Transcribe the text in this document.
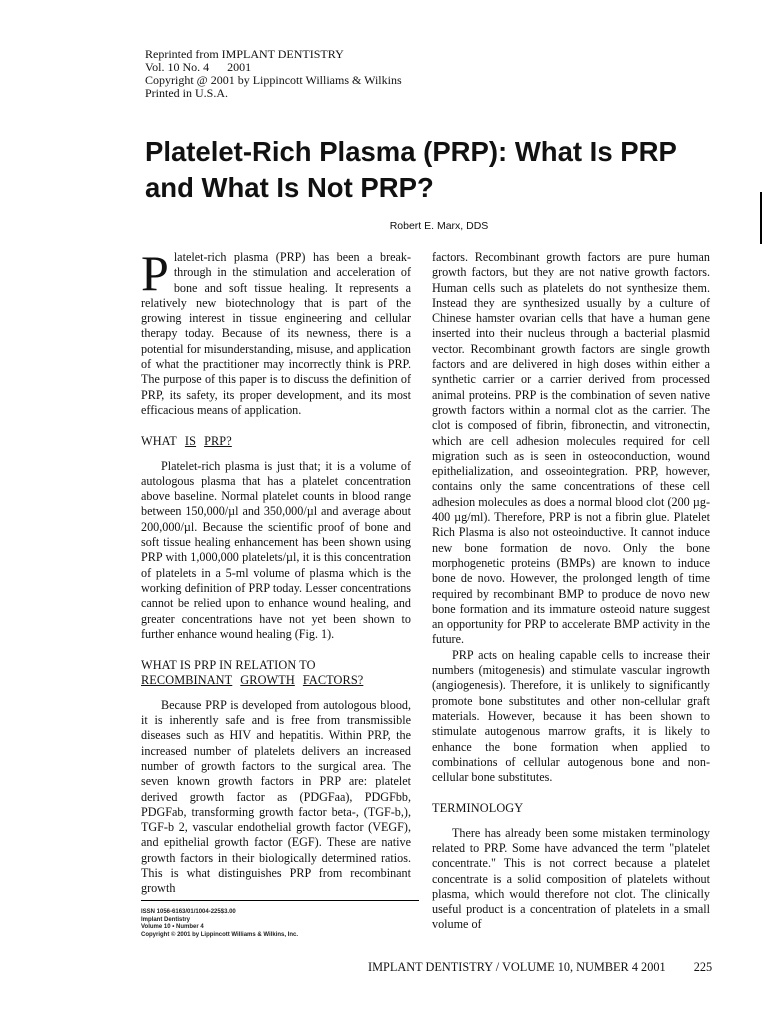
Reprinted from IMPLANT DENTISTRY
Vol. 10 No. 4 2001
Copyright @ 2001 by Lippincott Williams & Wilkins
Printed in U.S.A.
Platelet-Rich Plasma (PRP): What Is PRP and What Is Not PRP?
Robert E. Marx, DDS

Platelet-rich plasma (PRP) has been a break-through in the stimulation and acceleration of bone and soft tissue healing. It represents a relatively new biotechnology that is part of the growing interest in tissue engineering and cellular therapy today. Because of its newness, there is a potential for misunderstanding, misuse, and application of what the practitioner may incorrectly think is PRP. The purpose of this paper is to discuss the definition of PRP, its safety, its proper development, and its most efficacious means of application.

WHAT IS PRP?

Platelet-rich plasma is just that; it is a volume of autologous plasma that has a platelet concentration above baseline. Normal platelet counts in blood range between 150,000/µl and 350,000/µl and average about 200,000/µl. Because the scientific proof of bone and soft tissue healing enhancement has been shown using PRP with 1,000,000 platelets/µl, it is this concentration of platelets in a 5-ml volume of plasma which is the working definition of PRP today. Lesser concentrations cannot be relied upon to enhance wound healing, and greater concentrations have not yet been shown to further enhance wound healing (Fig. 1).

WHAT IS PRP IN RELATION TO
RECOMBINANT GROWTH FACTORS?

Because PRP is developed from autologous blood, it is inherently safe and is free from transmissible diseases such as HIV and hepatitis. Within PRP, the increased number of platelets delivers an increased number of growth factors to the surgical area. The seven known growth factors in PRP are: platelet derived growth factor as (PDGFaa), PDGFbb, PDGFab, transforming growth factor beta-, (TGF-b,), TGF-b 2, vascular endothelial growth factor (VEGF), and epithelial growth factor (EGF). These are native growth factors in their biologically determined ratios. This is what distinguishes PRP from recombinant growth

factors. Recombinant growth factors are pure human growth factors, but they are not native growth factors. Human cells such as platelets do not synthesize them. Instead they are synthesized usually by a culture of Chinese hamster ovarian cells that have a human gene inserted into their nucleus through a bacterial plasmid vector. Recombinant growth factors are single growth factors and are delivered in high doses within either a synthetic carrier or a carrier derived from processed animal proteins. PRP is the combination of seven native growth factors within a normal clot as the carrier. The clot is composed of fibrin, fibronectin, and vitronectin, which are cell adhesion molecules required for cell migration such as is seen in osteoconduction, wound epithelialization, and osseointegration. PRP, however, contains only the same concentrations of these cell adhesion molecules as does a normal blood clot (200 µg-400 µg/ml). Therefore, PRP is not a fibrin glue. Platelet Rich Plasma is also not osteoinductive. It cannot induce new bone formation de novo. Only the bone morphogenetic proteins (BMPs) are known to induce bone de novo. However, the prolonged length of time required by recombinant BMP to produce de novo new bone formation and its immature osteoid nature suggest an opportunity for PRP to accelerate BMP activity in the future.

PRP acts on healing capable cells to increase their numbers (mitogenesis) and stimulate vascular ingrowth (angiogenesis). Therefore, it is unlikely to significantly promote bone substitutes and other non-cellular graft materials. However, because it has been shown to stimulate autogenous marrow grafts, it is likely to enhance the bone formation when applied to combinations of cellular autogenous bone and non-cellular bone substitutes.

TERMINOLOGY

There has already been some mistaken terminology related to PRP. Some have advanced the term "platelet concentrate." This is not correct because a platelet concentrate is a solid composition of platelets without plasma, which would therefore not clot. The clinically useful product is a concentration of platelets in a small volume of

ISSN 1056-6163/01/1004-225$3.00
Implant Dentistry
Volume 10 • Number 4
Copyright © 2001 by Lippincott Williams & Wilkins, Inc.
IMPLANT DENTISTRY / VOLUME 10, NUMBER 4 2001 225
